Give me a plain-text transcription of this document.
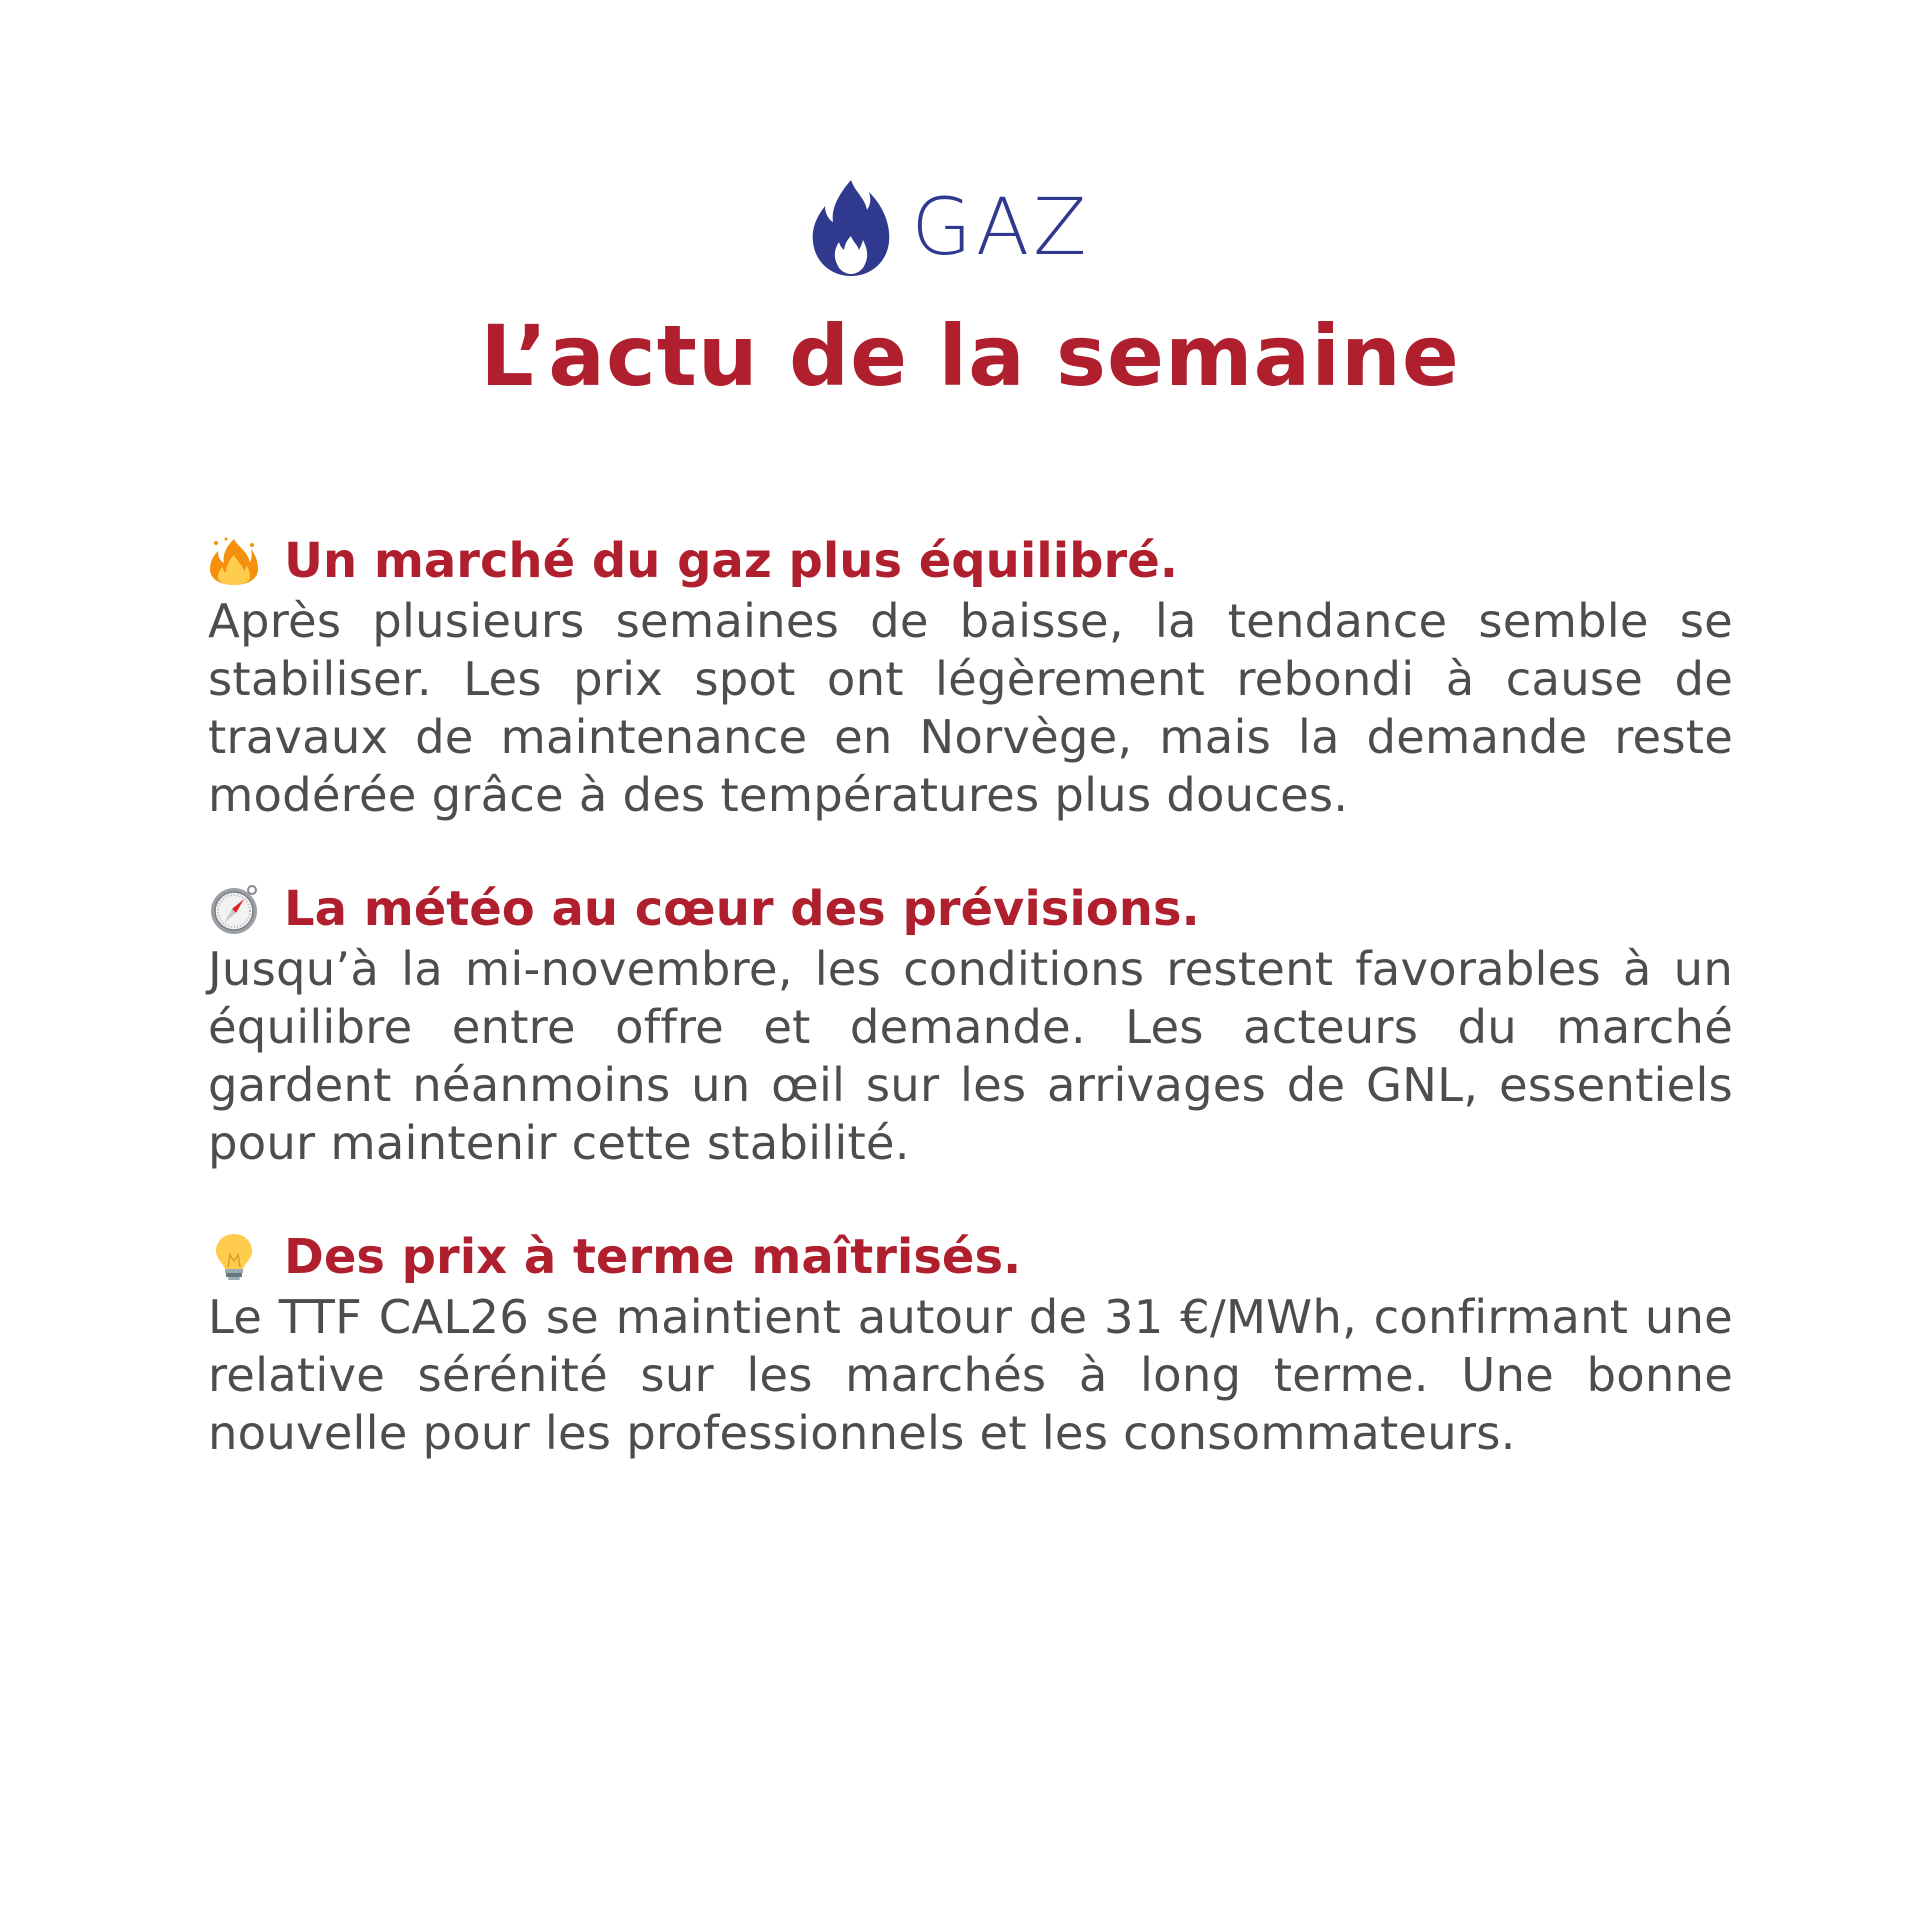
GAZ
L’actu de la semaine
Un marché du gaz plus équilibré.

Après plusieurs semaines de baisse, la tendance semble se stabiliser. Les prix spot ont légèrement rebondi à cause de travaux de maintenance en Norvège, mais la demande reste modérée grâce à des températures plus douces.

La météo au cœur des prévisions.

Jusqu’à la mi-novembre, les conditions restent favorables à un équilibre entre offre et demande. Les acteurs du marché gardent néanmoins un œil sur les arrivages de GNL, essentiels pour maintenir cette stabilité.

Des prix à terme maîtrisés.

Le TTF CAL26 se maintient autour de 31 €/MWh, confirmant une relative sérénité sur les marchés à long terme. Une bonne nouvelle pour les professionnels et les consommateurs.
